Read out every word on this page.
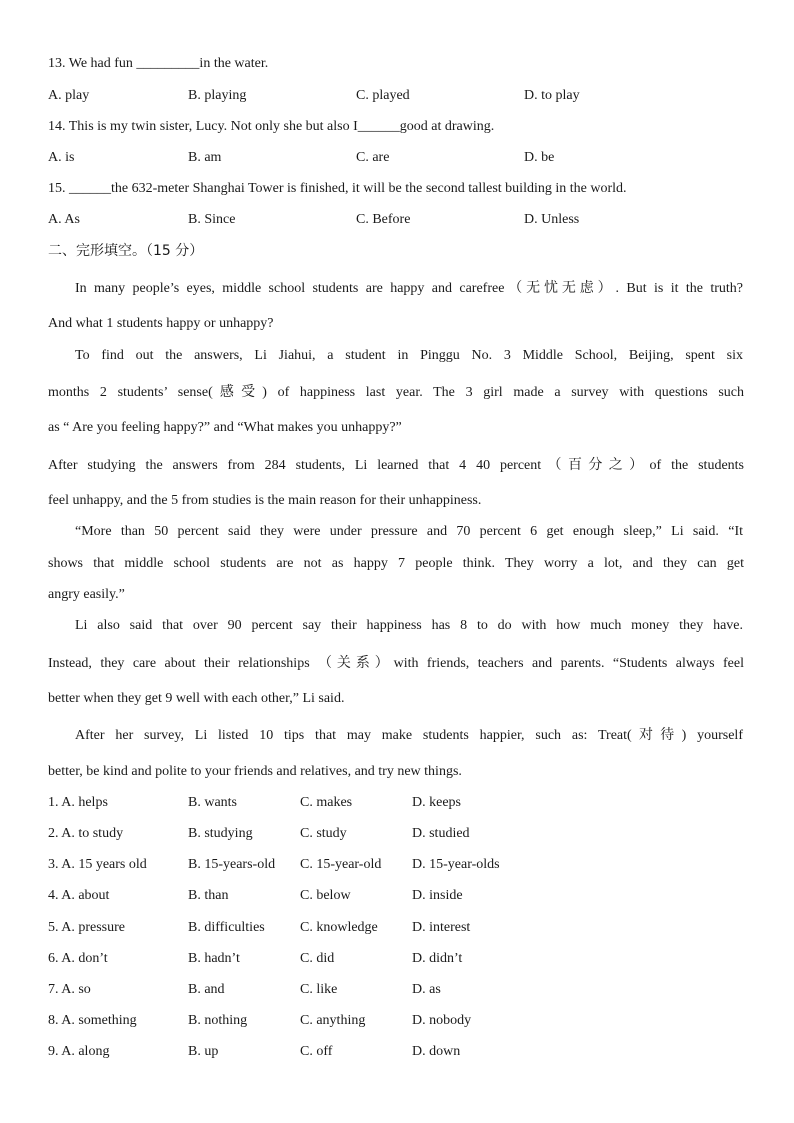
13. We had fun _________in the water.
A. play	B. playing	C. played	D. to play
14. This is my twin sister, Lucy. Not only she but also I______good at drawing.
A. is	B. am	C. are	D. be
15. ______the 632-meter Shanghai Tower is finished, it will be the second tallest building in the world.
A. As	B. Since	C. Before	D. Unless
二、完形填空。（15 分）
In many people’s eyes, middle school students are happy and carefree（无忧无虑）. But is it the truth?
And what 1 students happy or unhappy?
To find out the answers, Li Jiahui, a student in Pinggu No. 3 Middle School, Beijing, spent six
months 2 students’ sense(感受) of happiness last year. The 3 girl made a survey with questions such
as “ Are you feeling happy?” and “What makes you unhappy?”
After studying the answers from 284 students, Li learned that 4 40 percent（百分之）of the students
feel unhappy, and the 5 from studies is the main reason for their unhappiness.
“More than 50 percent said they were under pressure and 70 percent 6 get enough sleep,” Li said. “It
shows that middle school students are not as happy 7 people think. They worry a lot, and they can get
angry easily.”
Li also said that over 90 percent say their happiness has 8 to do with how much money they have.
Instead, they care about their relationships （关系）with friends, teachers and parents. “Students always feel
better when they get 9 well with each other,” Li said.
After her survey, Li listed 10 tips that may make students happier, such as: Treat(对待) yourself
better, be kind and polite to your friends and relatives, and try new things.
1. A. helps	B. wants	C. makes	D. keeps
2. A. to study	B. studying	C. study	D. studied
3. A. 15 years old	B. 15-years-old C. 15-year-old D. 15-year-olds
4. A. about	B. than	C. below	D. inside
5. A. pressure	B. difficulties	C. knowledge D. interest
6. A. don’t	B. hadn’t	C. did	D. didn’t
7. A. so	B. and	C. like	D. as
8. A. something	B. nothing	C. anything	D. nobody
9. A. along	B. up	C. off	D. down
